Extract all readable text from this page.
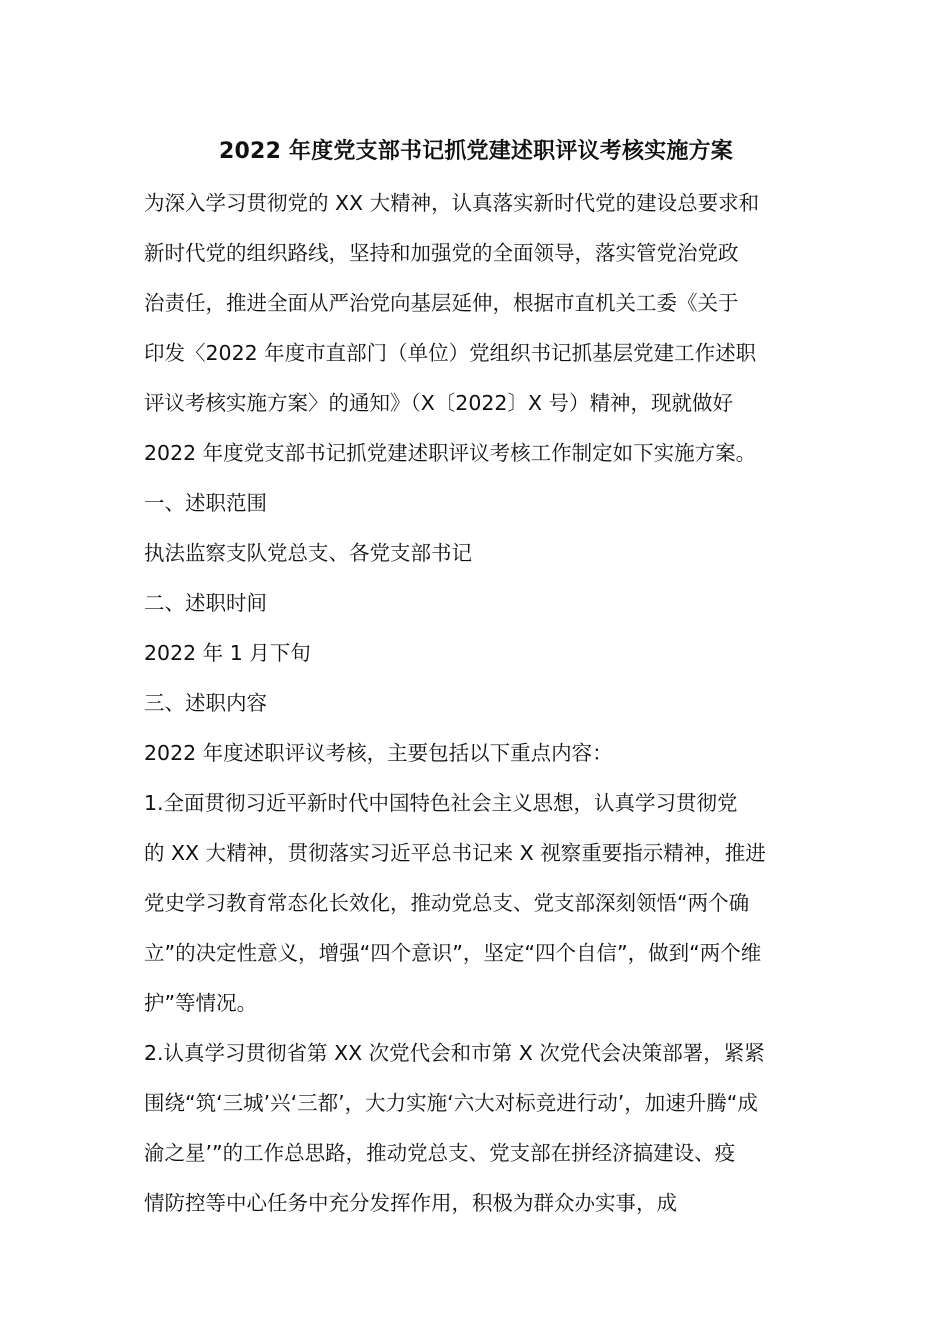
2022 年度党支部书记抓党建述职评议考核实施方案
为深入学习贯彻党的 XX 大精神，认真落实新时代党的建设总要求和
新时代党的组织路线，坚持和加强党的全面领导，落实管党治党政
治责任，推进全面从严治党向基层延伸，根据市直机关工委《关于
印发〈2022 年度市直部门（单位）党组织书记抓基层党建工作述职
评议考核实施方案〉的通知》（X〔2022〕X 号）精神，现就做好
2022 年度党支部书记抓党建述职评议考核工作制定如下实施方案。
一、述职范围
执法监察支队党总支、各党支部书记
二、述职时间
2022 年 1 月下旬
三、述职内容
2022 年度述职评议考核，主要包括以下重点内容：
1.全面贯彻习近平新时代中国特色社会主义思想，认真学习贯彻党
的 XX 大精神，贯彻落实习近平总书记来 X 视察重要指示精神，推进
党史学习教育常态化长效化，推动党总支、党支部深刻领悟“两个确
立”的决定性意义，增强“四个意识”，坚定“四个自信”，做到“两个维
护”等情况。
2.认真学习贯彻省第 XX 次党代会和市第 X 次党代会决策部署，紧紧
围绕“筑‘三城’兴‘三都’，大力实施‘六大对标竞进行动’，加速升腾“成
渝之星’”的工作总思路，推动党总支、党支部在拼经济搞建设、疫
情防控等中心任务中充分发挥作用，积极为群众办实事，成
